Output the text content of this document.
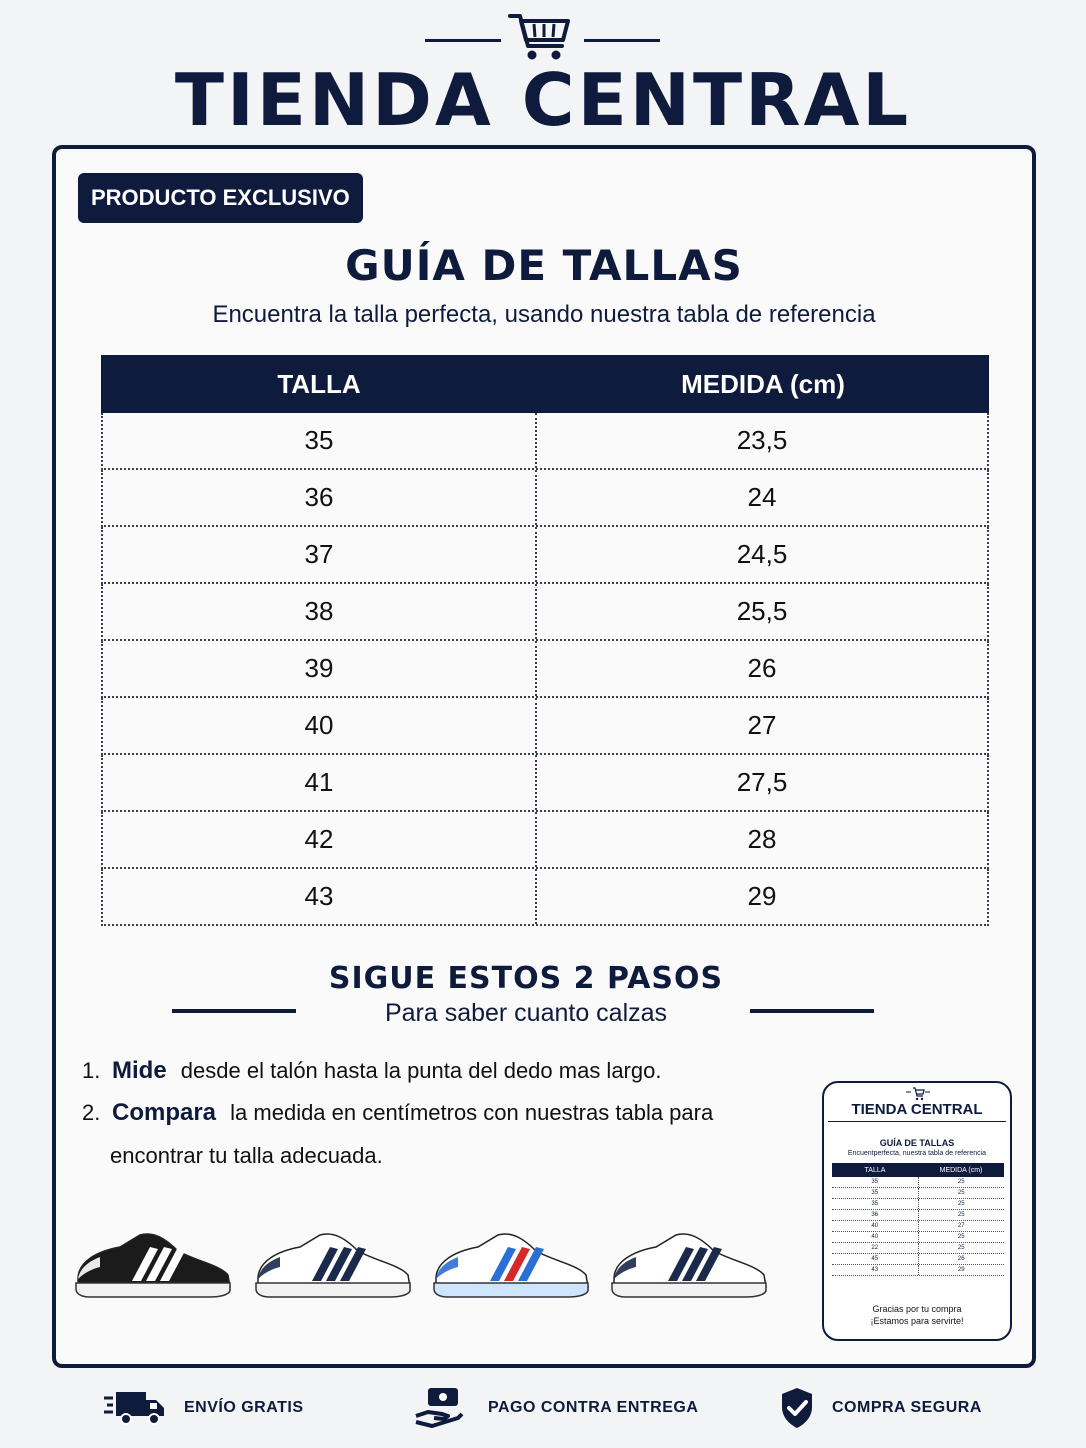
TIENDA CENTRAL
PRODUCTO EXCLUSIVO
GUÍA DE TALLAS
Encuentra la talla perfecta, usando nuestra tabla de referencia
TALLA	MEDIDA (cm)
35	23,5
36	24
37	24,5
38	25,5
39	26
40	27
41	27,5
42	28
43	29
SIGUE ESTOS 2 PASOS
Para saber cuanto calzas
1. Mide desde el talón hasta la punta del dedo mas largo.
2. Compara la medida en centímetros con nuestras tabla para
encontrar tu talla adecuada.
TIENDA CENTRAL
GUÍA DE TALLAS
Encuentperfecta, nuestra tabla de referencia
TALLA	MEDIDA (cm)
35	25
35	25
35	25
36	25
40	27
40	25
22	25
45	26
43	29
Gracias por tu compra
¡Estamos para servirte!
ENVÍO GRATIS	PAGO CONTRA ENTREGA	COMPRA SEGURA
